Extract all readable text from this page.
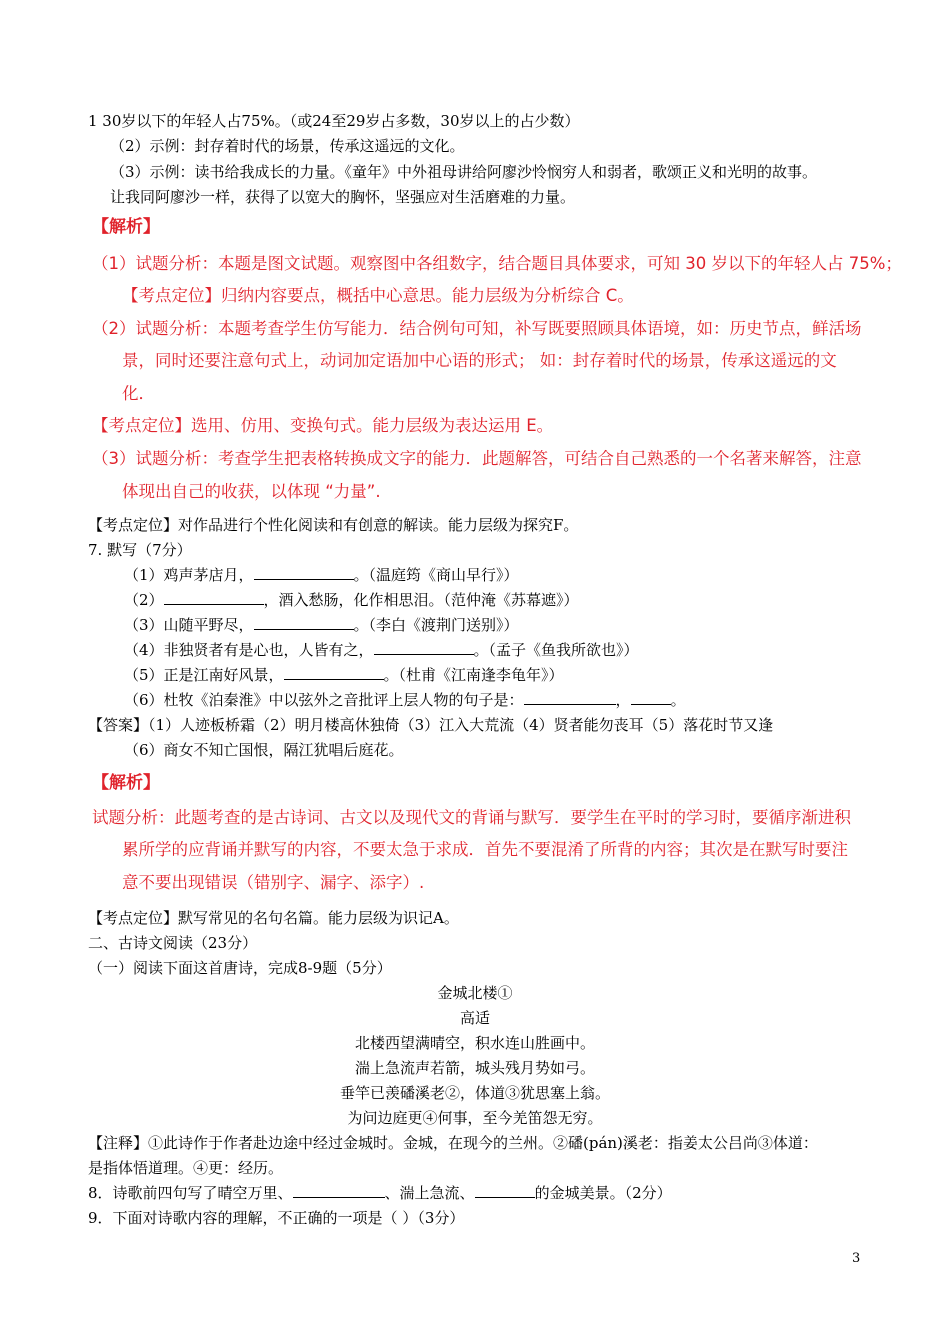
1 30岁以下的年轻人占75%。（或24至29岁占多数，30岁以上的占少数）
（2）示例：封存着时代的场景，传承这遥远的文化。
（3）示例：读书给我成长的力量。《童年》中外祖母讲给阿廖沙怜悯穷人和弱者，歌颂正义和光明的故事。
让我同阿廖沙一样，获得了以宽大的胸怀，坚强应对生活磨难的力量。
【解析】
（1）试题分析：本题是图文试题。观察图中各组数字，结合题目具体要求，可知 30 岁以下的年轻人占 75%；
【考点定位】归纳内容要点，概括中心意思。能力层级为分析综合 C。
（2）试题分析：本题考查学生仿写能力．结合例句可知，补写既要照顾具体语境，如：历史节点，鲜活场
景，同时还要注意句式上，动词加定语加中心语的形式； 如：封存着时代的场景，传承这遥远的文
化．
【考点定位】选用、仿用、变换句式。能力层级为表达运用 E。
（3）试题分析：考查学生把表格转换成文字的能力．此题解答，可结合自己熟悉的一个名著来解答，注意
体现出自己的收获，以体现 “力量”.
【考点定位】对作品进行个性化阅读和有创意的解读。能力层级为探究F。
7. 默写（7分）
（1）鸡声茅店月，	。（温庭筠《商山早行》）
（2）	，酒入愁肠，化作相思泪。（范仲淹《苏幕遮》）
（3）山随平野尽，	。（李白《渡荆门送别》）
（4）非独贤者有是心也，人皆有之，	。（孟子《鱼我所欲也》）
（5）正是江南好风景，	。（杜甫《江南逢李龟年》）
（6）杜牧《泊秦淮》中以弦外之音批评上层人物的句子是：	，	。
【答案】（1）人迹板桥霜（2）明月楼高休独倚（3）江入大荒流（4）贤者能勿丧耳（5）落花时节又逢
（6）商女不知亡国恨，隔江犹唱后庭花。
【解析】
试题分析：此题考查的是古诗词、古文以及现代文的背诵与默写．要学生在平时的学习时，要循序渐进积
累所学的应背诵并默写的内容，不要太急于求成．首先不要混淆了所背的内容；其次是在默写时要注
意不要出现错误（错别字、漏字、添字）.
【考点定位】默写常见的名句名篇。能力层级为识记A。
二、古诗文阅读（23分）
（一）阅读下面这首唐诗，完成8-9题（5分）
金城北楼①
高适
北楼西望满晴空，积水连山胜画中。
湍上急流声若箭，城头残月势如弓。
垂竿已羡磻溪老②，体道③犹思塞上翁。
为问边庭更④何事，至今羌笛怨无穷。
【注释】①此诗作于作者赴边途中经过金城时。金城，在现今的兰州。②磻(pán)溪老：指姜太公吕尚③体道：
是指体悟道理。④更：经历。
8．诗歌前四句写了晴空万里、	、湍上急流、	的金城美景。（2分）
9．下面对诗歌内容的理解，不正确的一项是（ ）（3分）
3
